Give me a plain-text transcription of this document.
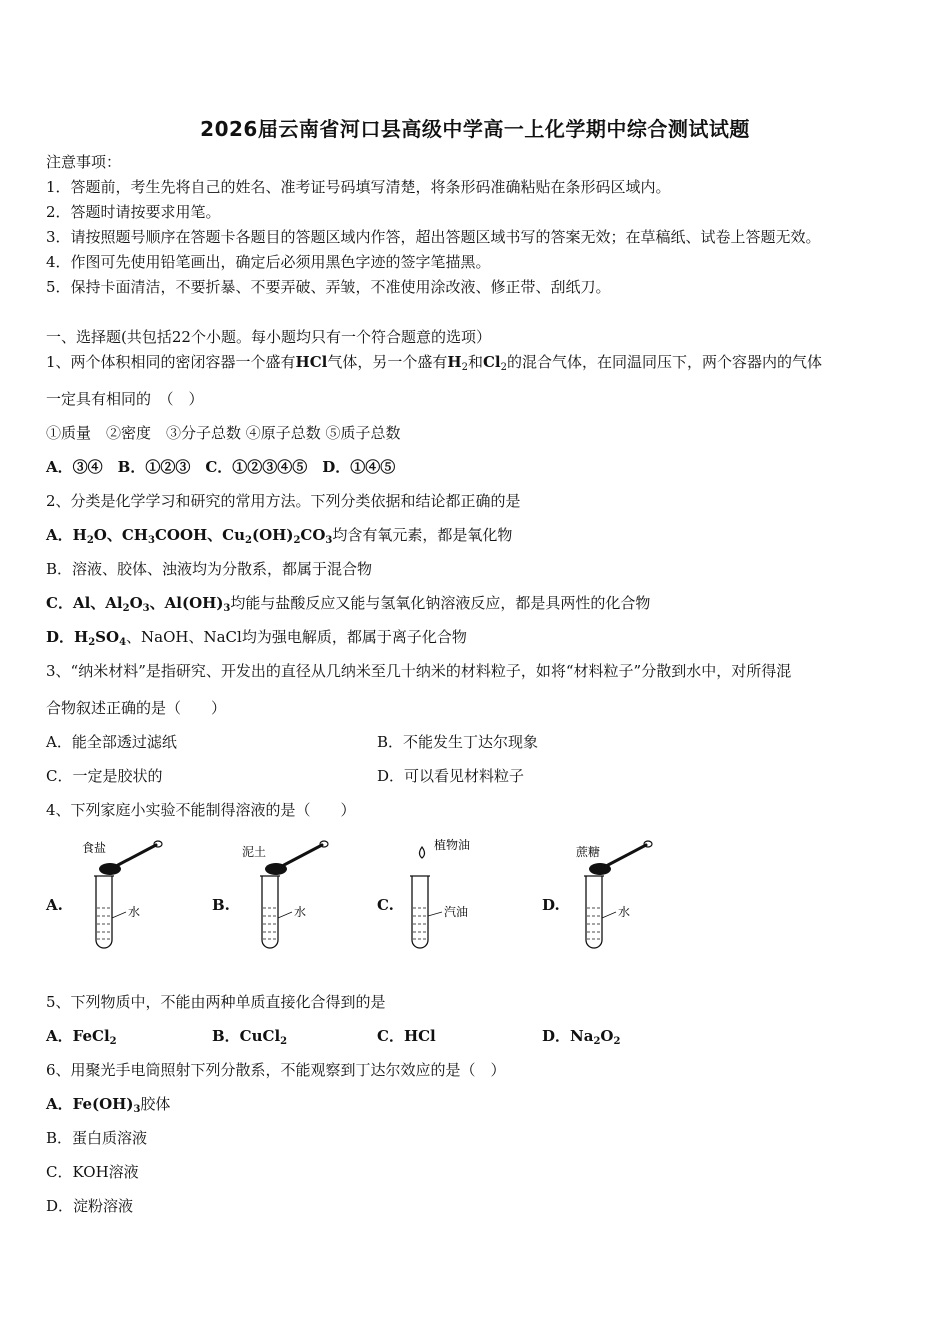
2026届云南省河口县高级中学高一上化学期中综合测试试题
注意事项：
1．答题前，考生先将自己的姓名、准考证号码填写清楚，将条形码准确粘贴在条形码区域内。
2．答题时请按要求用笔。
3．请按照题号顺序在答题卡各题目的答题区域内作答，超出答题区域书写的答案无效；在草稿纸、试卷上答题无效。
4．作图可先使用铅笔画出，确定后必须用黑色字迹的签字笔描黑。
5．保持卡面清洁，不要折暴、不要弄破、弄皱，不准使用涂改液、修正带、刮纸刀。
一、选择题(共包括22个小题。每小题均只有一个符合题意的选项）
1、两个体积相同的密闭容器一个盛有HCl气体，另一个盛有$H_2$和$Cl_2$的混合气体，在同温同压下，两个容器内的气体
一定具有相同的　（　）
①质量　②密度　③分子总数 ④原子总数 ⑤质子总数
A．③④　B．①②③　C．①②③④⑤　D．①④⑤
2、分类是化学学习和研究的常用方法。下列分类依据和结论都正确的是
A．$H_2O$、$CH_3COOH$、$Cu_2(OH)_2CO_3$均含有氧元素，都是氧化物
B．溶液、胶体、浊液均为分散系，都属于混合物
C．Al、$Al_2O_3$、$Al(OH)_3$均能与盐酸反应又能与氢氧化钠溶液反应，都是具两性的化合物
D．$H_2SO_4$、NaOH、NaCl均为强电解质，都属于离子化合物
3、“纳米材料”是指研究、开发出的直径从几纳米至几十纳米的材料粒子，如将“材料粒子”分散到水中，对所得混
合物叙述正确的是（　　）
A．能全部透过滤纸	B．不能发生丁达尔现象
C．一定是胶状的	D．可以看见材料粒子
4、下列家庭小实验不能制得溶液的是（　　）
A.
食盐
水	B.
泥土
水	C.
植物油
汽油	D.
蔗糖
水
5、下列物质中，不能由两种单质直接化合得到的是
A．FeCl$_2$	B．CuCl$_2$	C．HCl	D．$Na_2O_2$
6、用聚光手电筒照射下列分散系，不能观察到丁达尔效应的是（　）
A．$Fe(OH)_3$胶体
B．蛋白质溶液
C．KOH溶液
D．淀粉溶液
